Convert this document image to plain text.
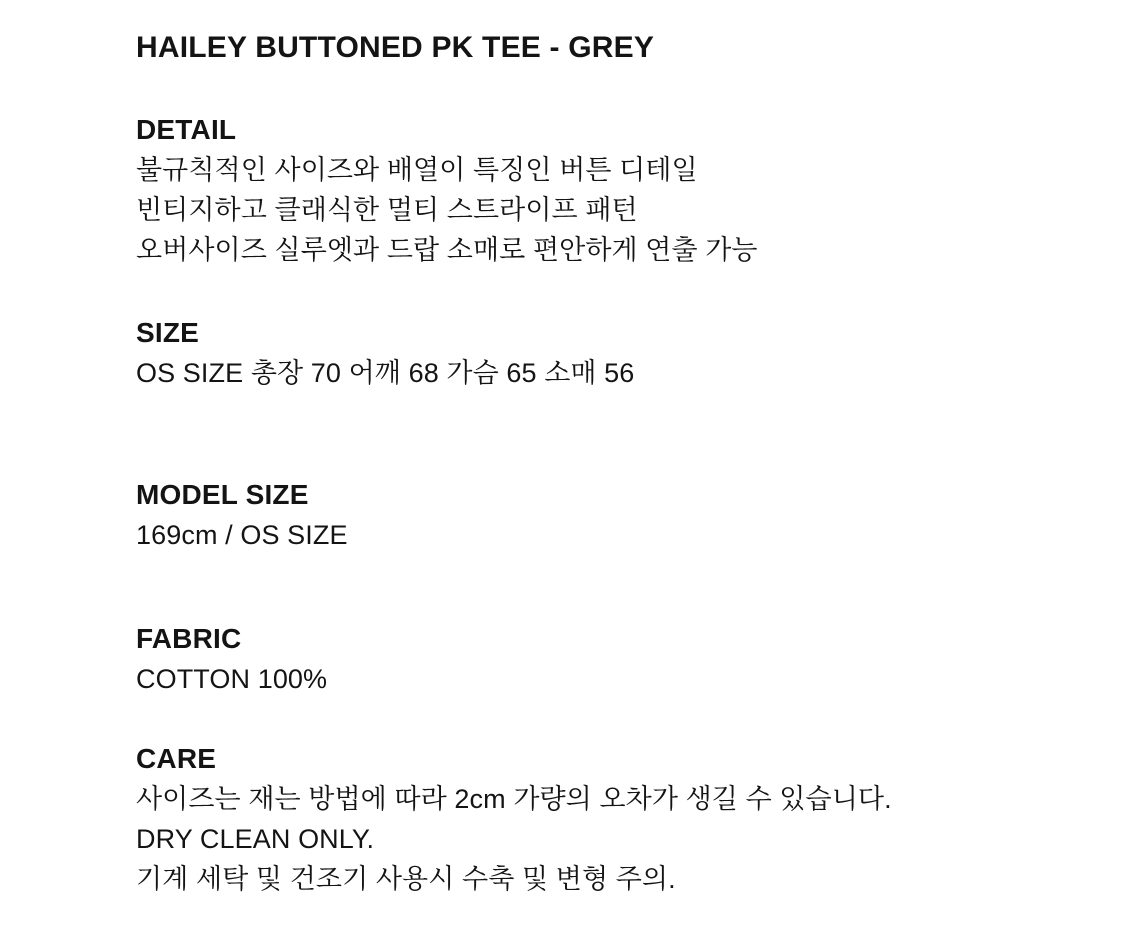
HAILEY BUTTONED PK TEE - GREY
DETAIL

불규칙적인 사이즈와 배열이 특징인 버튼 디테일

빈티지하고 클래식한 멀티 스트라이프 패턴

오버사이즈 실루엣과 드랍 소매로 편안하게 연출 가능

SIZE

OS SIZE 총장 70 어깨 68 가슴 65 소매 56

MODEL SIZE

169cm / OS SIZE

FABRIC

COTTON 100%

CARE

사이즈는 재는 방법에 따라 2cm 가량의 오차가 생길 수 있습니다.

DRY CLEAN ONLY.

기계 세탁 및 건조기 사용시 수축 및 변형 주의.
